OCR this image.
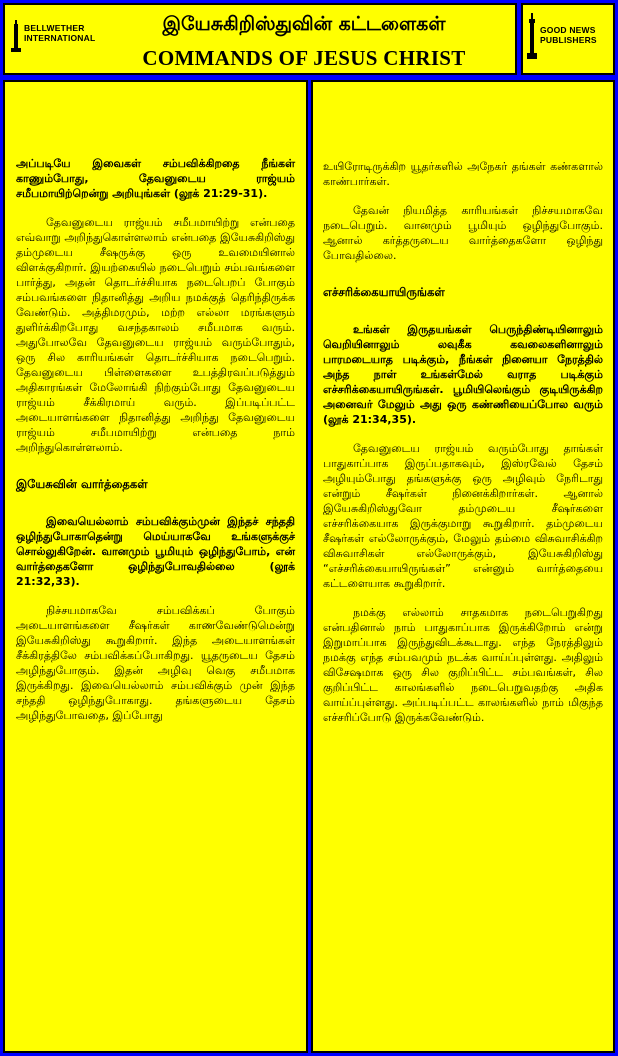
BELLWETHER
INTERNATIONAL
இயேசுகிறிஸ்துவின் கட்டளைகள்
COMMANDS OF JESUS CHRIST
GOOD NEWS
PUBLISHERS

அப்படியே இவைகள் சம்பவிக்கிறதை நீங்கள் காணும்போது, தேவனுடைய ராஜ்யம் சமீபமாயிற்றென்று அறியுங்கள் (லூக் 21:29-31).

தேவனுடைய ராஜ்யம் சமீபமாயிற்று என்பதை எவ்வாறு அறிந்துகொள்ளலாம் என்பதை இயேசுகிறிஸ்து தம்முடைய சீஷருக்கு ஒரு உவமையினால் விளக்குகிறார். இயற்கையில் நடைபெறும் சம்பவங்களை பார்த்து, அதன் தொடர்ச்சியாக நடைபெறப் போகும் சம்பவங்களை நிதானித்து அறிய நமக்குத் தெரிந்திருக்க வேண்டும். அத்திமரமும், மற்ற எல்லா மரங்களும் துளிர்க்கிறபோது வசந்தகாலம் சமீபமாக வரும். அதுபோலவே தேவனுடைய ராஜ்யம் வரும்போதும், ஒரு சில காரியங்கள் தொடர்ச்சியாக நடைபெறும். தேவனுடைய பிள்ளைகளை உபத்திரவப்படுத்தும் அதிகாரங்கள் மேலோங்கி நிற்கும்போது தேவனுடைய ராஜ்யம் சீக்கிரமாய் வரும். இப்படிப்பட்ட அடையாளங்களை நிதானித்து அறிந்து தேவனுடைய ராஜ்யம் சமீபமாயிற்று என்பதை நாம் அறிந்துகொள்ளலாம்.

இயேசுவின் வார்த்தைகள்

இவையெல்லாம் சம்பவிக்கும்முன் இந்தச் சந்ததி ஒழிந்துபோகாதென்று மெய்யாகவே உங்களுக்குச் சொல்லுகிறேன். வானமும் பூமியும் ஒழிந்துபோம், என் வார்த்தைகளோ ஒழிந்துபோவதில்லை (லூக் 21:32,33).

நிச்சயமாகவே சம்பவிக்கப் போகும் அடையாளங்களை சீஷர்கள் காணவேண்டுமென்று இயேசுகிறிஸ்து கூறுகிறார். இந்த அடையாளங்கள் சீக்கிரத்திலே சம்பவிக்கப்போகிறது. யூதருடைய தேசம் அழிந்துபோகும். இதன் அழிவு வெகு சமீபமாக இருக்கிறது. இவையெல்லாம் சம்பவிக்கும் முன் இந்த சந்ததி ஒழிந்துபோகாது. தங்களுடைய தேசம் அழிந்துபோவதை, இப்போது

உயிரோடிருக்கிற யூதர்களில் அநேகர் தங்கள் கண்களால் காண்பார்கள்.

தேவன் நியமித்த காரியங்கள் நிச்சயமாகவே நடைபெறும். வானமும் பூமியும் ஒழிந்துபோகும். ஆனால் கர்த்தருடைய வார்த்தைகளோ ஒழிந்து போவதில்லை.

எச்சரிக்கையாயிருங்கள்

உங்கள் இருதயங்கள் பெருந்திண்டியினாலும் வெறியினாலும் லவுகீக கவலைகளினாலும் பாரமடையாத படிக்கும், நீங்கள் நினையா நேரத்தில் அந்த நாள் உங்கள்மேல் வராத படிக்கும் எச்சரிக்கையாயிருங்கள். பூமியிலெங்கும் குடியிருக்கிற அனைவர் மேலும் அது ஒரு கண்ணியைப்போல வரும் (லூக் 21:34,35).

தேவனுடைய ராஜ்யம் வரும்போது தாங்கள் பாதுகாப்பாக இருப்பதாகவும், இஸ்ரவேல் தேசம் அழியும்போது தங்களுக்கு ஒரு அழிவும் நேரிடாது என்றும் சீஷர்கள் நினைக்கிறார்கள். ஆனால் இயேசுகிறிஸ்துவோ தம்முடைய சீஷர்களை எச்சரிக்கையாக இருக்குமாறு கூறுகிறார். தம்முடைய சீஷர்கள் எல்லோருக்கும், மேலும் தம்மை விசுவாசிக்கிற விசுவாசிகள் எல்லோருக்கும், இயேசுகிறிஸ்து “எச்சரிக்கையாயிருங்கள்” என்னும் வார்த்தையை கட்டளையாக கூறுகிறார்.

நமக்கு எல்லாம் சாதகமாக நடைபெறுகிறது என்பதினால் நாம் பாதுகாப்பாக இருக்கிறோம் என்று இறுமாப்பாக இருந்துவிடக்கூடாது. எந்த நேரத்திலும் நமக்கு எந்த சம்பவமும் நடக்க வாய்ப்புள்ளது. அதிலும் விசேஷமாக ஒரு சில குறிப்பிட்ட சம்பவங்கள், சில குறிப்பிட்ட காலங்களில் நடைபெறுவதற்கு அதிக வாய்ப்புள்ளது. அப்படிப்பட்ட காலங்களில் நாம் மிகுந்த எச்சரிப்போடு இருக்கவேண்டும்.
